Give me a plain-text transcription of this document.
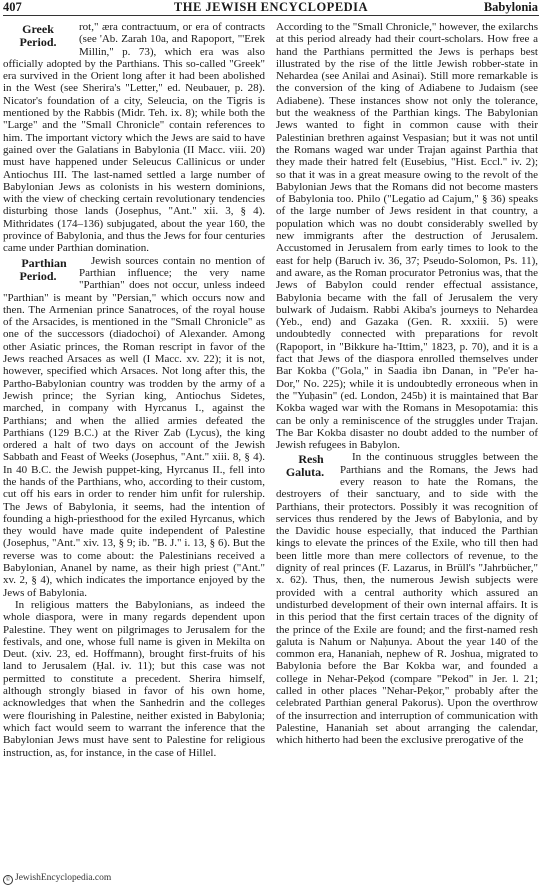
407	THE JEWISH ENCYCLOPEDIA	Babylonia

Greek Period.
rot," æra contractuum, or era of contracts (see 'Ab. Zarah 10a, and Rapoport, "'Erek Millin," p. 73), which era was also officially adopted by the Parthians. This so-called "Greek" era survived in the Orient long after it had been abolished in the West (see Sherira's "Letter," ed. Neubauer, p. 28). Nicator's foundation of a city, Seleucia, on the Tigris is mentioned by the Rabbis (Midr. Teh. ix. 8); while both the "Large" and the "Small Chronicle" contain references to him. The important victory which the Jews are said to have gained over the Galatians in Babylonia (II Macc. viii. 20) must have happened under Seleucus Callinicus or under Antiochus III. The last-named settled a large number of Babylonian Jews as colonists in his western dominions, with the view of checking certain revolutionary tendencies disturbing those lands (Josephus, "Ant." xii. 3, § 4). Mithridates (174–136) subjugated, about the year 160, the province of Babylonia, and thus the Jews for four centuries came under Parthian domination.

Parthian Period.
Jewish sources contain no mention of Parthian influence; the very name "Parthian" does not occur, unless indeed "Parthian" is meant by "Persian," which occurs now and then. The Armenian prince Sanatroces, of the royal house of the Arsacides, is mentioned in the "Small Chronicle" as one of the successors (diadochoi) of Alexander. Among other Asiatic princes, the Roman rescript in favor of the Jews reached Arsaces as well (I Macc. xv. 22); it is not, however, specified which Arsaces. Not long after this, the Partho-Babylonian country was trodden by the army of a Jewish prince; the Syrian king, Antiochus Sidetes, marched, in company with Hyrcanus I., against the Parthians; and when the allied armies defeated the Parthians (129 B.C.) at the River Zab (Lycus), the king ordered a halt of two days on account of the Jewish Sabbath and Feast of Weeks (Josephus, "Ant." xiii. 8, § 4). In 40 B.C. the Jewish puppet-king, Hyrcanus II., fell into the hands of the Parthians, who, according to their custom, cut off his ears in order to render him unfit for rulership. The Jews of Babylonia, it seems, had the intention of founding a high-priesthood for the exiled Hyrcanus, which they would have made quite independent of Palestine (Josephus, "Ant." xiv. 13, § 9; ib. "B. J." i. 13, § 6). But the reverse was to come about: the Palestinians received a Babylonian, Ananel by name, as their high priest ("Ant." xv. 2, § 4), which indicates the importance enjoyed by the Jews of Babylonia.

In religious matters the Babylonians, as indeed the whole diaspora, were in many regards dependent upon Palestine. They went on pilgrimages to Jerusalem for the festivals, and one, whose full name is given in Mekilta on Deut. (xiv. 23, ed. Hoffmann), brought first-fruits of his land to Jerusalem (Ḥal. iv. 11); but this case was not permitted to constitute a precedent. Sherira himself, although strongly biased in favor of his own home, acknowledges that when the Sanhedrin and the colleges were flourishing in Palestine, neither existed in Babylonia; which fact would seem to warrant the inference that the Babylonian Jews must have sent to Palestine for religious instruction, as, for instance, in the case of Hillel.

According to the "Small Chronicle," however, the exilarchs at this period already had their court-scholars. How free a hand the Parthians permitted the Jews is perhaps best illustrated by the rise of the little Jewish robber-state in Nehardea (see Anilai and Asinai). Still more remarkable is the conversion of the king of Adiabene to Judaism (see Adiabene). These instances show not only the tolerance, but the weakness of the Parthian kings. The Babylonian Jews wanted to fight in common cause with their Palestinian brethren against Vespasian; but it was not until the Romans waged war under Trajan against Parthia that they made their hatred felt (Eusebius, "Hist. Eccl." iv. 2); so that it was in a great measure owing to the revolt of the Babylonian Jews that the Romans did not become masters of Babylonia too. Philo ("Legatio ad Cajum," § 36) speaks of the large number of Jews resident in that country, a population which was no doubt considerably swelled by new immigrants after the destruction of Jerusalem. Accustomed in Jerusalem from early times to look to the east for help (Baruch iv. 36, 37; Pseudo-Solomon, Ps. 11), and aware, as the Roman procurator Petronius was, that the Jews of Babylon could render effectual assistance, Babylonia became with the fall of Jerusalem the very bulwark of Judaism. Rabbi Akiba's journeys to Nehardea (Yeb., end) and Gazaka (Gen. R. xxxiii. 5) were undoubtedly connected with preparations for revolt (Rapoport, in "Bikkure ha-'Ittim," 1823, p. 70), and it is a fact that Jews of the diaspora enrolled themselves under Bar Kokba ("Gola," in Saadia ibn Danan, in "Pe'er ha-Dor," No. 225); while it is undoubtedly erroneous when in the "Yuḥasin" (ed. London, 245b) it is maintained that Bar Kokba waged war with the Romans in Mesopotamia: this can be only a reminiscence of the struggles under Trajan. The Bar Kokba disaster no doubt added to the number of Jewish refugees in Babylon.

Resh Galuta.
In the continuous struggles between the Parthians and the Romans, the Jews had every reason to hate the Romans, the destroyers of their sanctuary, and to side with the Parthians, their protectors. Possibly it was recognition of services thus rendered by the Jews of Babylonia, and by the Davidic house especially, that induced the Parthian kings to elevate the princes of the Exile, who till then had been little more than mere collectors of revenue, to the dignity of real princes (F. Lazarus, in Brüll's "Jahrbücher," x. 62). Thus, then, the numerous Jewish subjects were provided with a central authority which assured an undisturbed development of their own internal affairs. It is in this period that the first certain traces of the dignity of the prince of the Exile are found; and the first-named resh galuta is Nahum or Naḥunya. About the year 140 of the common era, Hananiah, nephew of R. Joshua, migrated to Babylonia before the Bar Kokba war, and founded a college in Nehar-Peḳod (compare "Pekod" in Jer. l. 21; called in other places "Nehar-Peḳor," probably after the celebrated Parthian general Pakorus). Upon the overthrow of the insurrection and interruption of communication with Palestine, Hananiah set about arranging the calendar, which hitherto had been the exclusive prerogative of the

© JewishEncyclopedia.com
